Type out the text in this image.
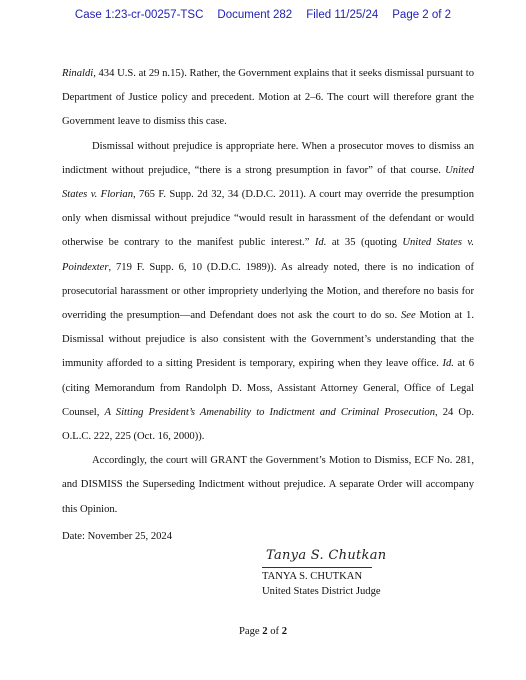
Case 1:23-cr-00257-TSC Document 282 Filed 11/25/24 Page 2 of 2

Rinaldi, 434 U.S. at 29 n.15). Rather, the Government explains that it seeks dismissal pursuant to Department of Justice policy and precedent. Motion at 2–6. The court will therefore grant the Government leave to dismiss this case.

Dismissal without prejudice is appropriate here. When a prosecutor moves to dismiss an indictment without prejudice, “there is a strong presumption in favor” of that course. United States v. Florian, 765 F. Supp. 2d 32, 34 (D.D.C. 2011). A court may override the presumption only when dismissal without prejudice “would result in harassment of the defendant or would otherwise be contrary to the manifest public interest.” Id. at 35 (quoting United States v. Poindexter, 719 F. Supp. 6, 10 (D.D.C. 1989)). As already noted, there is no indication of prosecutorial harassment or other impropriety underlying the Motion, and therefore no basis for overriding the presumption—and Defendant does not ask the court to do so. See Motion at 1. Dismissal without prejudice is also consistent with the Government’s understanding that the immunity afforded to a sitting President is temporary, expiring when they leave office. Id. at 6 (citing Memorandum from Randolph D. Moss, Assistant Attorney General, Office of Legal Counsel, A Sitting President’s Amenability to Indictment and Criminal Prosecution, 24 Op. O.L.C. 222, 225 (Oct. 16, 2000)).

Accordingly, the court will GRANT the Government’s Motion to Dismiss, ECF No. 281, and DISMISS the Superseding Indictment without prejudice. A separate Order will accompany this Opinion.

Date: November 25, 2024
Tanya S. Chutkan
TANYA S. CHUTKAN
United States District Judge
Page 2 of 2
